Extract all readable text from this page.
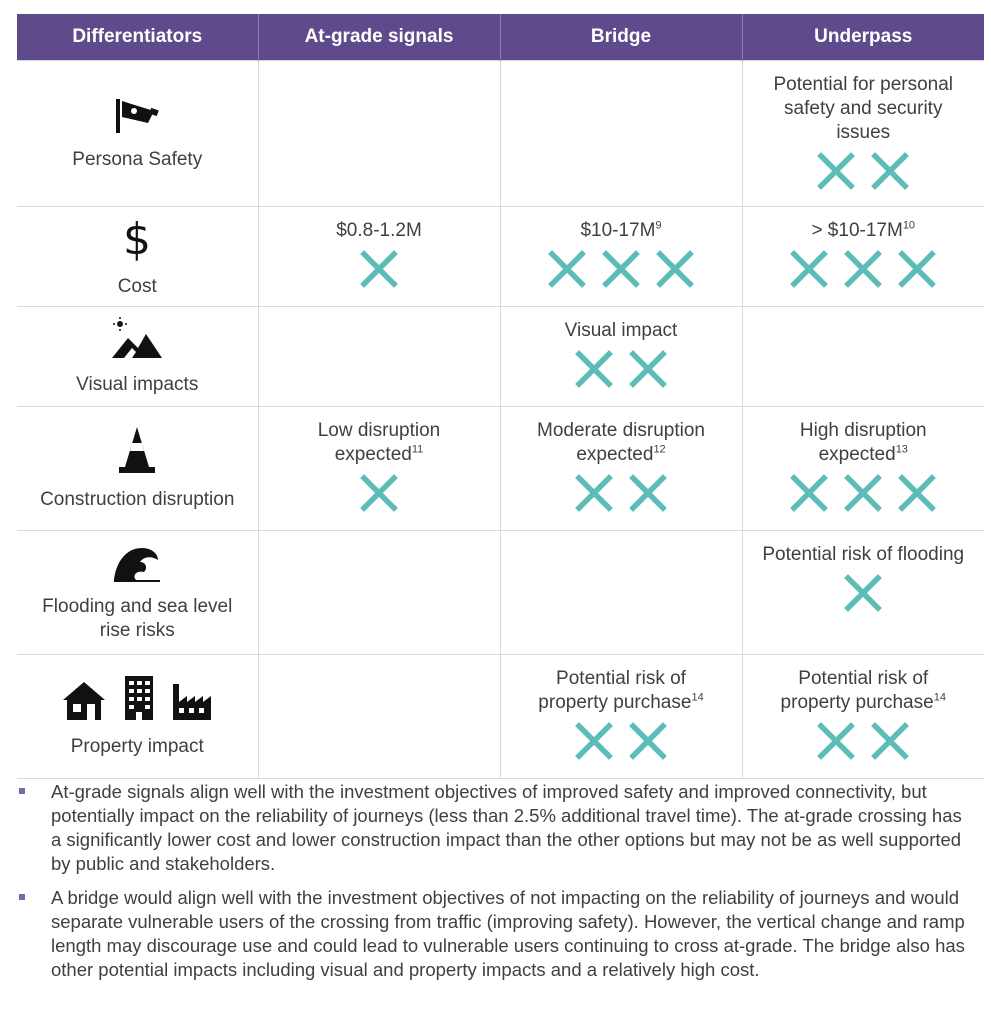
Differentiators	At-grade signals	Bridge	Underpass

Persona Safety			Potential for personal safety and security issues

$
Cost	$0.8-1.2M	$\$10-17M^9$	> $\$10-17M^{10}$

Visual impacts		Visual impact	

Construction disruption	Low disruption expected$^{11}$	Moderate disruption expected$^{12}$	High disruption expected$^{13}$

Flooding and sea level rise risks			Potential risk of flooding

Property impact		Potential risk of property purchase$^{14}$	Potential risk of property purchase$^{14}$
At-grade signals align well with the investment objectives of improved safety and improved connectivity, but potentially impact on the reliability of journeys (less than 2.5% additional travel time). The at-grade crossing has a significantly lower cost and lower construction impact than the other options but may not be as well supported by public and stakeholders.
A bridge would align well with the investment objectives of not impacting on the reliability of journeys and would separate vulnerable users of the crossing from traffic (improving safety). However, the vertical change and ramp length may discourage use and could lead to vulnerable users continuing to cross at-grade. The bridge also has other potential impacts including visual and property impacts and a relatively high cost.
